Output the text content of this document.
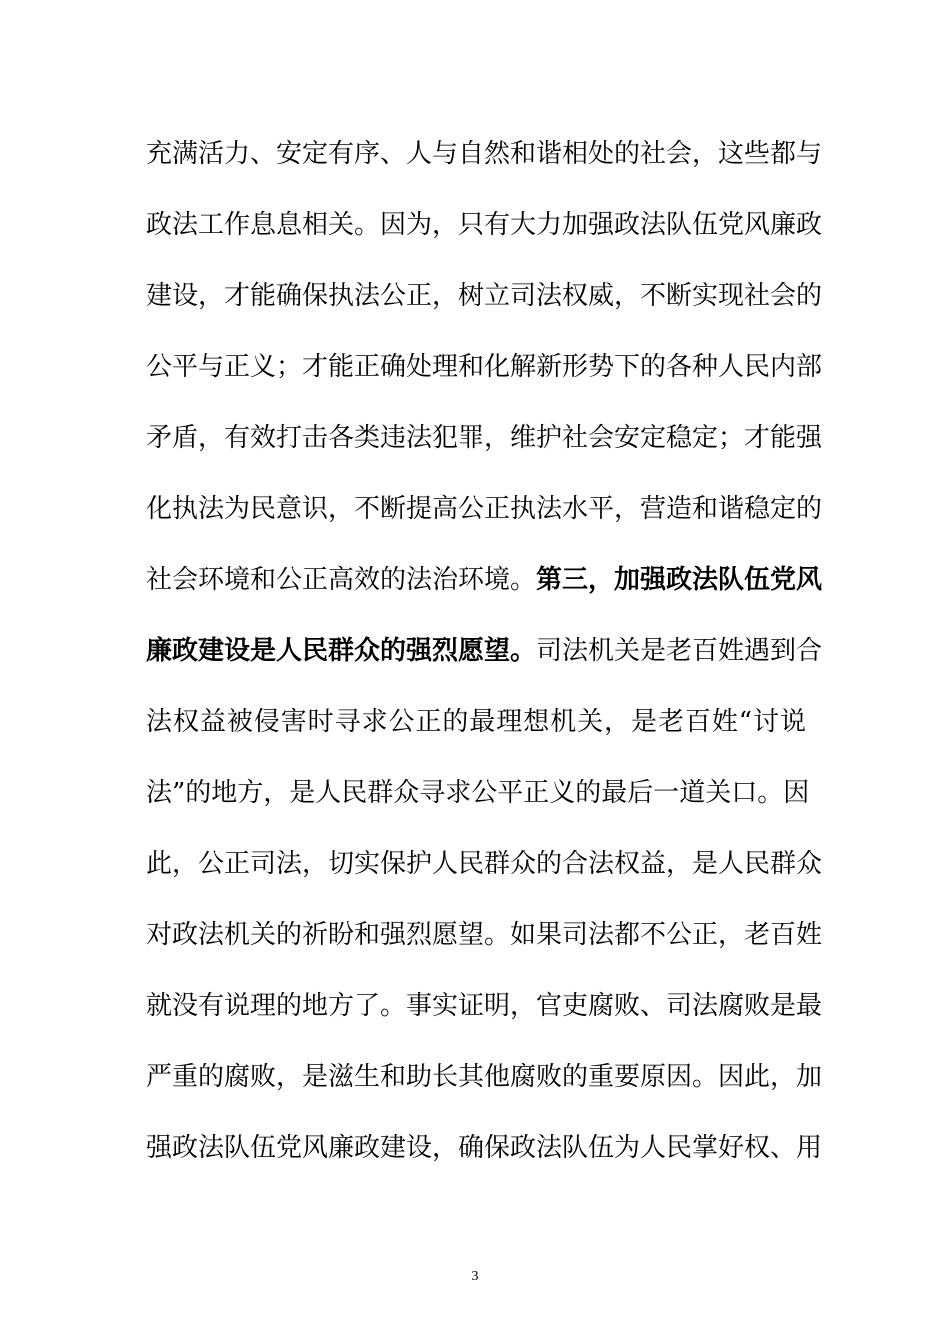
充满活力、安定有序、人与自然和谐相处的社会，这些都与
政法工作息息相关。因为，只有大力加强政法队伍党风廉政
建设，才能确保执法公正，树立司法权威，不断实现社会的
公平与正义；才能正确处理和化解新形势下的各种人民内部
矛盾，有效打击各类违法犯罪，维护社会安定稳定；才能强
化执法为民意识，不断提高公正执法水平，营造和谐稳定的
社会环境和公正高效的法治环境。第三，加强政法队伍党风
廉政建设是人民群众的强烈愿望。司法机关是老百姓遇到合
法权益被侵害时寻求公正的最理想机关，是老百姓“讨说
法”的地方，是人民群众寻求公平正义的最后一道关口。因
此，公正司法，切实保护人民群众的合法权益，是人民群众
对政法机关的祈盼和强烈愿望。如果司法都不公正，老百姓
就没有说理的地方了。事实证明，官吏腐败、司法腐败是最
严重的腐败，是滋生和助长其他腐败的重要原因。因此，加
强政法队伍党风廉政建设，确保政法队伍为人民掌好权、用
3
